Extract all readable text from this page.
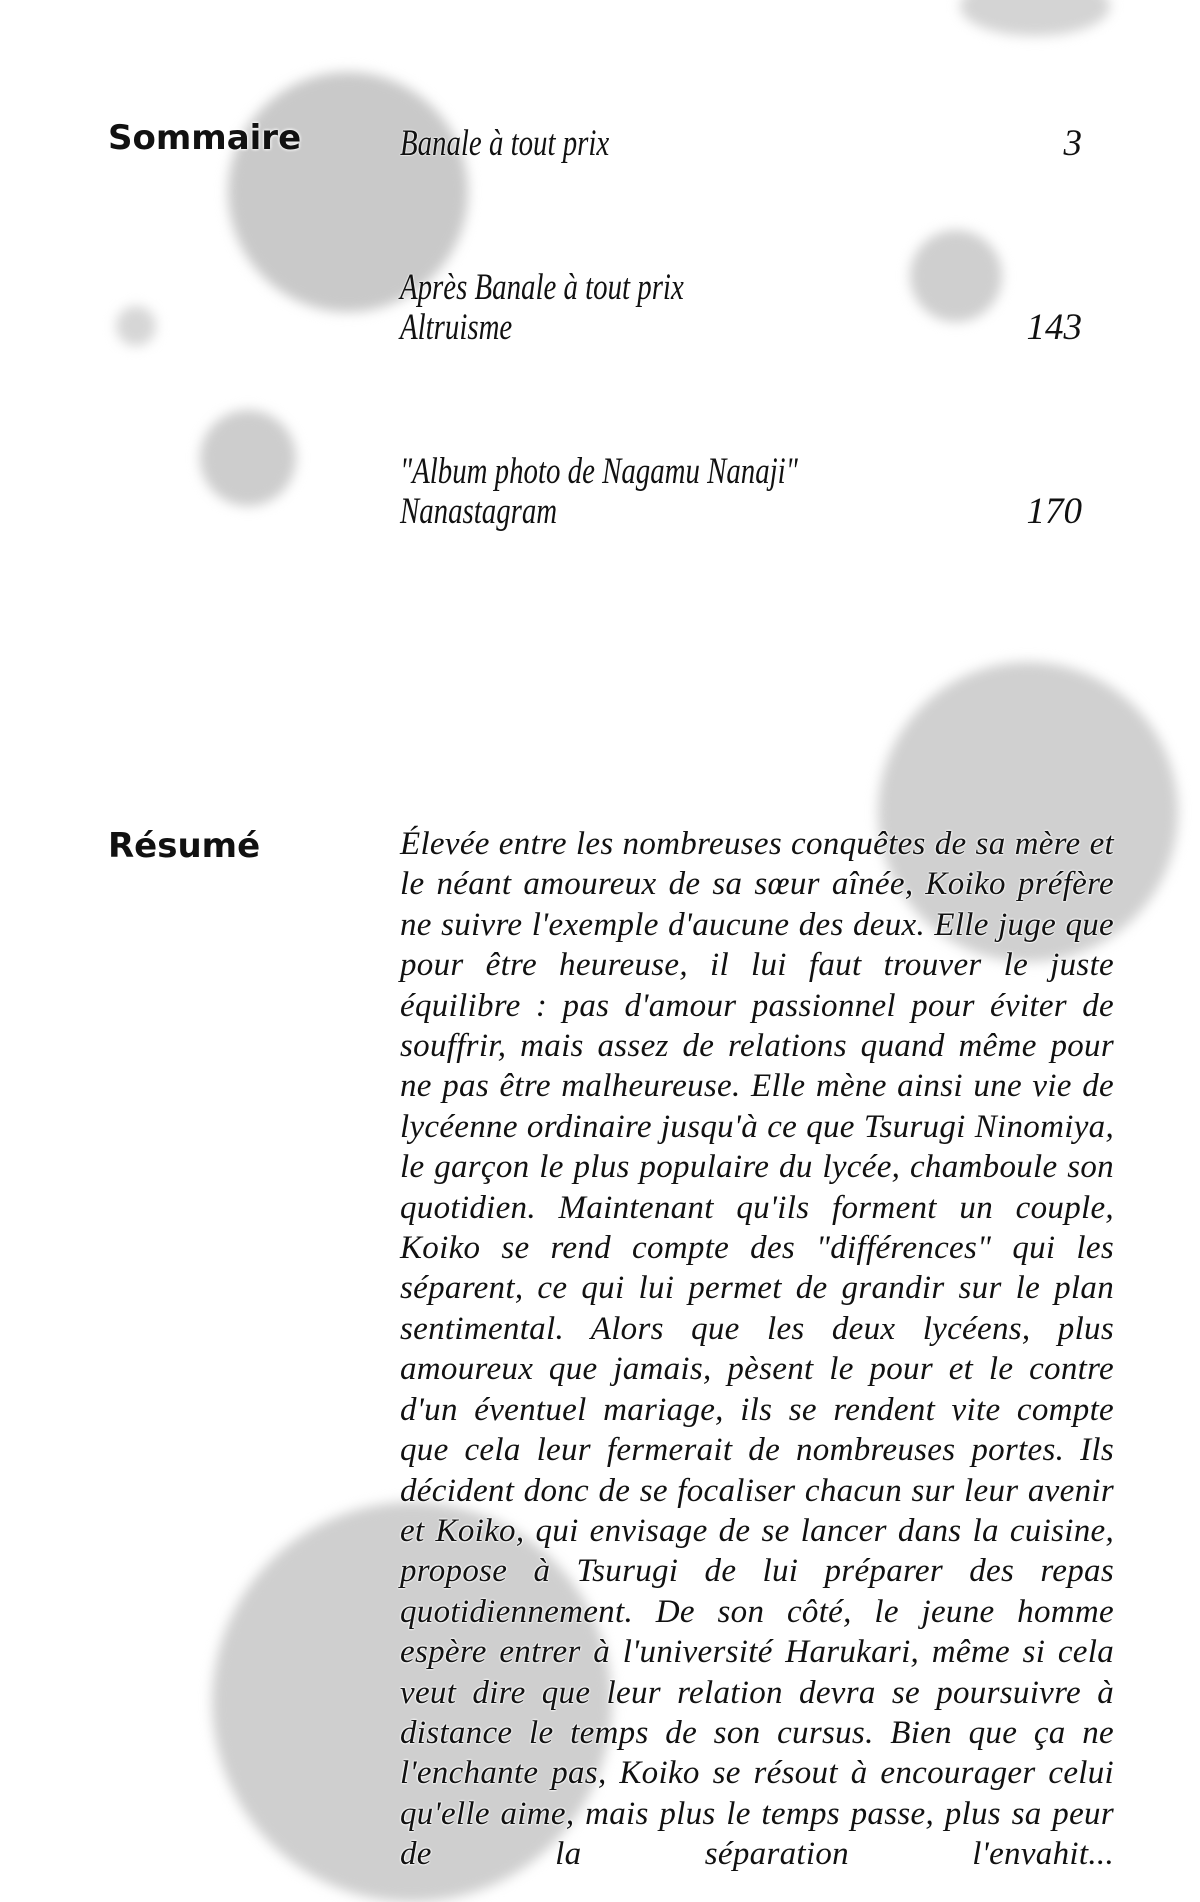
Sommaire	Banale à tout prix	3
Après Banale à tout prix
Altruisme	143
"Album photo de Nagamu Nanaji"
Nanastagram	170
Résumé	Élevée entre les nombreuses conquêtes de sa mère et le néant amoureux de sa sœur aînée, Koiko préfère ne suivre l'exemple d'aucune des deux. Elle juge que pour être heureuse, il lui faut trouver le juste équilibre : pas d'amour passionnel pour éviter de souffrir, mais assez de relations quand même pour ne pas être malheureuse. Elle mène ainsi une vie de lycéenne ordinaire jusqu'à ce que Tsurugi Ninomiya, le garçon le plus populaire du lycée, chamboule son quotidien. Maintenant qu'ils forment un couple, Koiko se rend compte des "différences" qui les séparent, ce qui lui permet de grandir sur le plan sentimental. Alors que les deux lycéens, plus amoureux que jamais, pèsent le pour et le contre d'un éventuel mariage, ils se rendent vite compte que cela leur fermerait de nombreuses portes. Ils décident donc de se focaliser chacun sur leur avenir et Koiko, qui envisage de se lancer dans la cuisine, propose à Tsurugi de lui préparer des repas quotidiennement. De son côté, le jeune homme espère entrer à l'université Harukari, même si cela veut dire que leur relation devra se poursuivre à distance le temps de son cursus. Bien que ça ne l'enchante pas, Koiko se résout à encourager celui qu'elle aime, mais plus le temps passe, plus sa peur de la séparation l'envahit...
